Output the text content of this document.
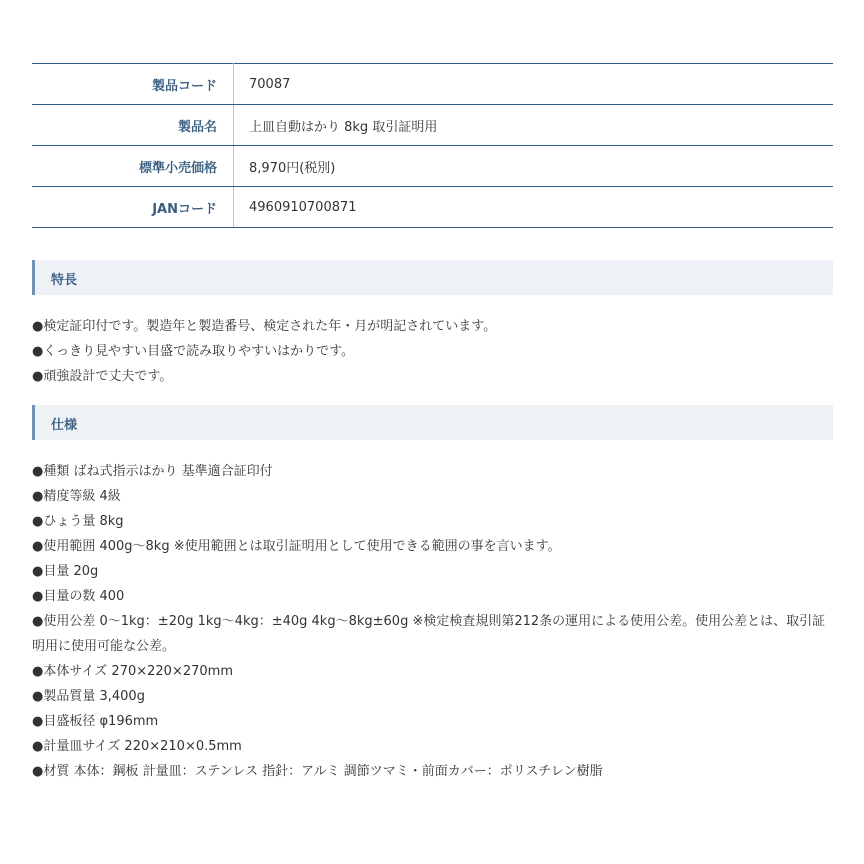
製品コード	70087
製品名	上皿自動はかり 8kg 取引証明用
標準小売価格	8,970円(税別)
JANコード	4960910700871
特長
●検定証印付です。製造年と製造番号、検定された年・月が明記されています。
●くっきり見やすい目盛で読み取りやすいはかりです。
●頑強設計で丈夫です。
仕様
●種類 ばね式指示はかり 基準適合証印付
●精度等級 4級
●ひょう量 8kg
●使用範囲 400g～8kg ※使用範囲とは取引証明用として使用できる範囲の事を言います。
●目量 20g
●目量の数 400
●使用公差 0～1kg：±20g 1kg～4kg：±40g 4kg～8kg±60g ※検定検査規則第212条の運用による使用公差。使用公差とは、取引証明用に使用可能な公差。
●本体サイズ 270×220×270mm
●製品質量 3,400g
●目盛板径 φ196mm
●計量皿サイズ 220×210×0.5mm
●材質 本体：鋼板 計量皿：ステンレス 指針：アルミ 調節ツマミ・前面カバー：ポリスチレン樹脂
